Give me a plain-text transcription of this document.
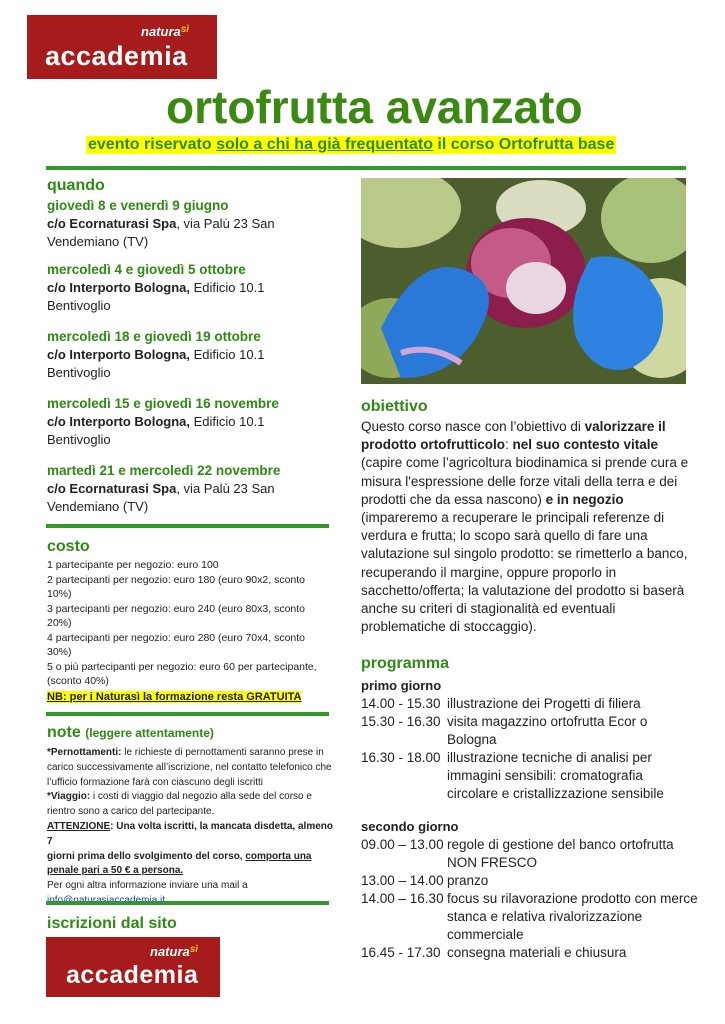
natura$^{sì}$
accademia
ortofrutta avanzato
evento riservato solo a chi ha già frequentato il corso Ortofrutta base
quando
giovedì 8 e venerdì 9 giugno
c/o Ecornaturasi Spa, via Palù 23 San
Vendemiano (TV)
mercoledì 4 e giovedì 5 ottobre
c/o Interporto Bologna, Edificio 10.1
Bentivoglio
mercoledì 18 e giovedì 19 ottobre
c/o Interporto Bologna, Edificio 10.1
Bentivoglio
mercoledì 15 e giovedì 16 novembre
c/o Interporto Bologna, Edificio 10.1
Bentivoglio
martedì 21 e mercoledì 22 novembre
c/o Ecornaturasi Spa, via Palù 23 San
Vendemiano (TV)
costo
1 partecipante per negozio: euro 100
2 partecipanti per negozio: euro 180 (euro 90x2, sconto
10%)
3 partecipanti per negozio: euro 240 (euro 80x3, sconto
20%)
4 partecipanti per negozio: euro 280 (euro 70x4, sconto
30%)
5 o più partecipanti per negozio: euro 60 per partecipante,
(sconto 40%)
NB: per i Naturasì la formazione resta GRATUITA
note (leggere attentamente)
*Pernottamenti: le richieste di pernottamenti saranno prese in
carico successivamente all’iscrizione, nel contatto telefonico che
l’ufficio formazione farà con ciascuno degli iscritti
*Viaggio: i costi di viaggio dal negozio alla sede del corso e
rientro sono a carico del partecipante.
ATTENZIONE: Una volta iscritti, la mancata disdetta, almeno 7
giorni prima dello svolgimento del corso, comporta una
penale pari a 50 € a persona.
Per ogni altra informazione inviare una mail a
iscrizioni dal sito
natura$^{sì}$
accademia
obiettivo
Questo corso nasce con l’obiettivo di valorizzare il prodotto ortofrutticolo: nel suo contesto vitale (capire come l’agricoltura biodinamica si prende cura e misura l'espressione delle forze vitali della terra e dei prodotti che da essa nascono) e in negozio (impareremo a recuperare le principali referenze di verdura e frutta; lo scopo sarà quello di fare una valutazione sul singolo prodotto: se rimetterlo a banco, recuperando il margine, oppure proporlo in sacchetto/offerta; la valutazione del prodotto si baserà anche su criteri di stagionalità ed eventuali problematiche di stoccaggio).
programma
primo giorno
14.00 - 15.30 illustrazione dei Progetti di filiera
15.30 - 16.30 visita magazzino ortofrutta Ecor o Bologna
16.30 - 18.00 illustrazione tecniche di analisi per immagini sensibili: cromatografia circolare e cristallizzazione sensibile
secondo giorno
09.00 – 13.00 regole di gestione del banco ortofrutta NON FRESCO
13.00 – 14.00 pranzo
14.00 – 16.30 focus su rilavorazione prodotto con merce stanca e relativa rivalorizzazione commerciale
16.45 - 17.30 consegna materiali e chiusura
